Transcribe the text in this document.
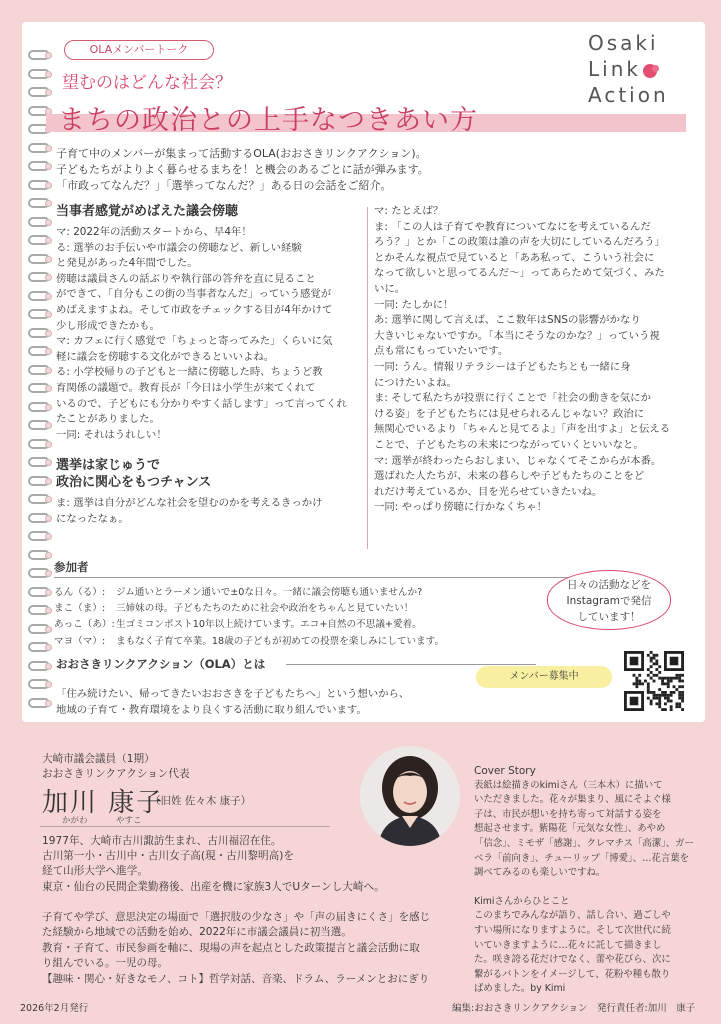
OLAメンバートーク
望むのはどんな社会？
まちの政治との上手なつきあい方
Osaki
Link
Action
子育て中のメンバーが集まって活動するOLA(おおさきリンクアクション)。
子どもたちがよりよく暮らせるまちを！と機会のあるごとに話が弾みます。
「市政ってなんだ？」「選挙ってなんだ？」ある日の会話をご紹介。
当事者感覚がめばえた議会傍聴

マ: 2022年の活動スタートから、早4年！
る: 選挙のお手伝いや市議会の傍聴など、新しい経験
と発見があった4年間でした。
傍聴は議員さんの話ぶりや執行部の答弁を直に見ること
ができて、「自分もこの街の当事者なんだ」っていう感覚が
めばえますよね。そして市政をチェックする目が4年かけて
少し形成できたかも。
マ: カフェに行く感覚で「ちょっと寄ってみた」くらいに気
軽に議会を傍聴する文化ができるといいよね。
る: 小学校帰りの子どもと一緒に傍聴した時、ちょうど教
育関係の議題で。教育長が「今日は小学生が来てくれて
いるので、子どもにも分かりやすく話します」って言ってくれ
たことがありました。
一同: それはうれしい！

選挙は家じゅうで
政治に関心をもつチャンス

ま: 選挙は自分がどんな社会を望むのかを考えるきっかけ
になったなぁ。

マ: たとえば？
ま: 「この人は子育てや教育についてなにを考えているんだ
ろう？」とか「この政策は誰の声を大切にしているんだろう」
とかそんな視点で見ていると「ああ私って、こういう社会に
なって欲しいと思ってるんだ～」ってあらためて気づく、みた
いに。
一同: たしかに！
あ: 選挙に関して言えば、ここ数年はSNSの影響がかなり
大きいじゃないですか。「本当にそうなのかな？」っていう視
点も常にもっていたいです。
一同: うん。情報リテラシーは子どもたちとも一緒に身
につけたいよね。
ま: そして私たちが投票に行くことで「社会の動きを気にか
ける姿」を子どもたちには見せられるんじゃない？政治に
無関心でいるより「ちゃんと見てるよ」「声を出すよ」と伝える
ことで、子どもたちの未来につながっていくといいなと。
マ: 選挙が終わったらおしまい、じゃなくてそこからが本番。
選ばれた人たちが、未来の暮らしや子どもたちのことをど
れだけ考えているか、目を光らせていきたいね。
一同: やっぱり傍聴に行かなくちゃ！
参加者
るん（る）: ジム通いとラーメン通いで±0な日々。一緒に議会傍聴も通いませんか?
まこ（ま）: 三姉妹の母。子どもたちのために社会や政治をちゃんと見ていたい！
あっこ（あ）:生ゴミコンポスト10年以上続けています。エコ+自然の不思議+愛着。
マヨ（マ）: まもなく子育て卒業。18歳の子どもが初めての投票を楽しみにしています。
日々の活動などを
Instagramで発信
しています！
おおさきリンクアクション（OLA）とは
「住み続けたい、帰ってきたいおおさきを子どもたちへ」という想いから、
地域の子育て・教育環境をより良くする活動に取り組んでいます。
メンバー募集中
大崎市議会議員（1期）
おおさきリンクアクション代表
加川 康子
（旧姓 佐々木 康子）
かがわ	やすこ
1977年、大崎市古川諏訪生まれ、古川福沼在住。
古川第一小・古川中・古川女子高(現・古川黎明高)を
経て山形大学へ進学。
東京・仙台の民間企業勤務後、出産を機に家族3人でUターンし大崎へ。
子育てや学び、意思決定の場面で「選択肢の少なさ」や「声の届きにくさ」を感じ
た経験から地域での活動を始め、2022年に市議会議員に初当選。
教育・子育て、市民参画を軸に、現場の声を起点とした政策提言と議会活動に取
り組んでいる。一児の母。
【趣味・関心・好きなモノ、コト】哲学対話、音楽、ドラム、ラーメンとおにぎり
Cover Story
表紙は絵描きのkimiさん（三本木）に描いて
いただきました。花々が集まり、風にそよぐ様
子は、市民が想いを持ち寄って対話する姿を
想起させます。紫陽花「元気な女性」、あやめ
「信念」、ミモザ「感謝」、クレマチス「高潔」、ガー
ベラ「前向き」、チューリップ「博愛」、…花言葉を
調べてみるのも楽しいですね。
Kimiさんからひとこと
このまちでみんなが語り、話し合い、過ごしや
すい場所になりますように。そして次世代に続
いていきますように…花々に託して描きまし
た。咲き誇る花だけでなく、蕾や花びら、次に
繋がるバトンをイメージして、花粉や種も散り
ばめました。by Kimi
2026年2月発行	編集:おおさきリンクアクション　発行責任者:加川　康子
